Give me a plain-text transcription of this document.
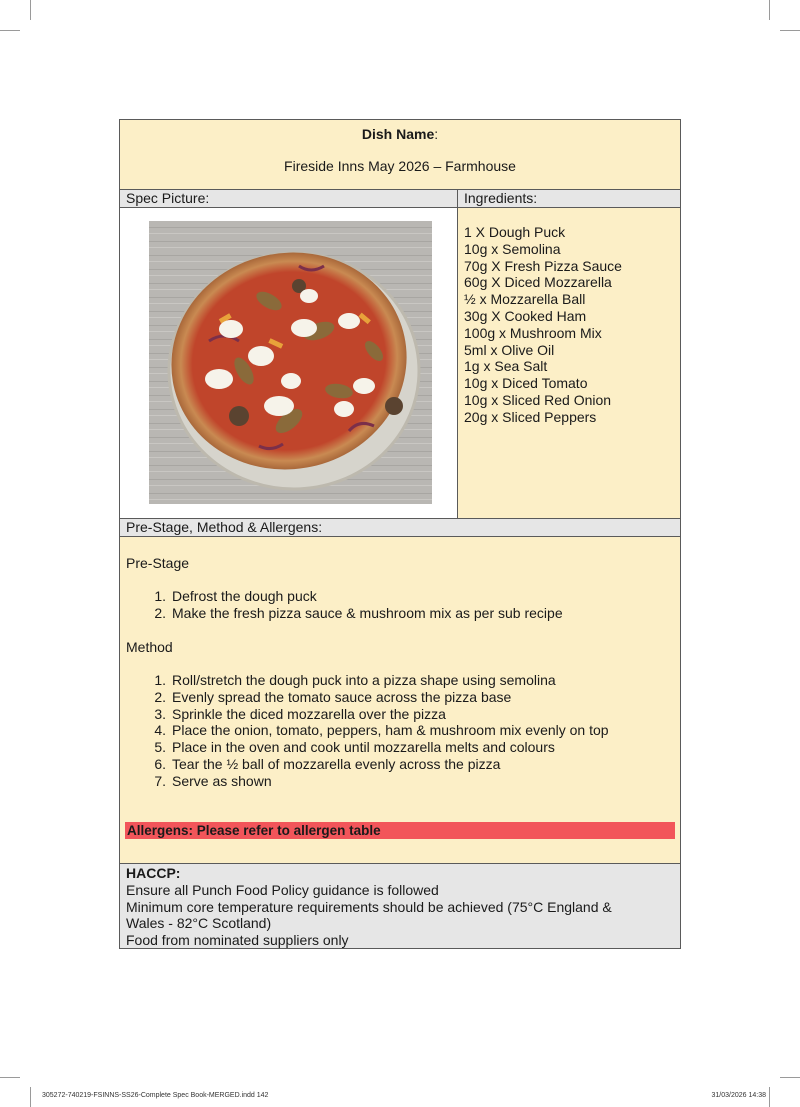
Dish Name:
Fireside Inns May 2026 – Farmhouse
Spec Picture:	Ingredients:
1 X Dough Puck
10g x Semolina
70g X Fresh Pizza Sauce
60g X Diced Mozzarella
½ x Mozzarella Ball
30g X Cooked Ham
100g x Mushroom Mix
5ml x Olive Oil
1g x Sea Salt
10g x Diced Tomato
10g x Sliced Red Onion
20g x Sliced Peppers
Pre-Stage, Method & Allergens:
Pre-Stage
1. Defrost the dough puck
2. Make the fresh pizza sauce & mushroom mix as per sub recipe
Method
1. Roll/stretch the dough puck into a pizza shape using semolina
2. Evenly spread the tomato sauce across the pizza base
3. Sprinkle the diced mozzarella over the pizza
4. Place the onion, tomato, peppers, ham & mushroom mix evenly on top
5. Place in the oven and cook until mozzarella melts and colours
6. Tear the ½ ball of mozzarella evenly across the pizza
7. Serve as shown
Allergens: Please refer to allergen table
HACCP:
Ensure all Punch Food Policy guidance is followed
Minimum core temperature requirements should be achieved (75°C England &
Wales - 82°C Scotland)
Food from nominated suppliers only
305272-740219-FSINNS-SS26-Complete Spec Book-MERGED.indd 142	31/03/2026 14:38
